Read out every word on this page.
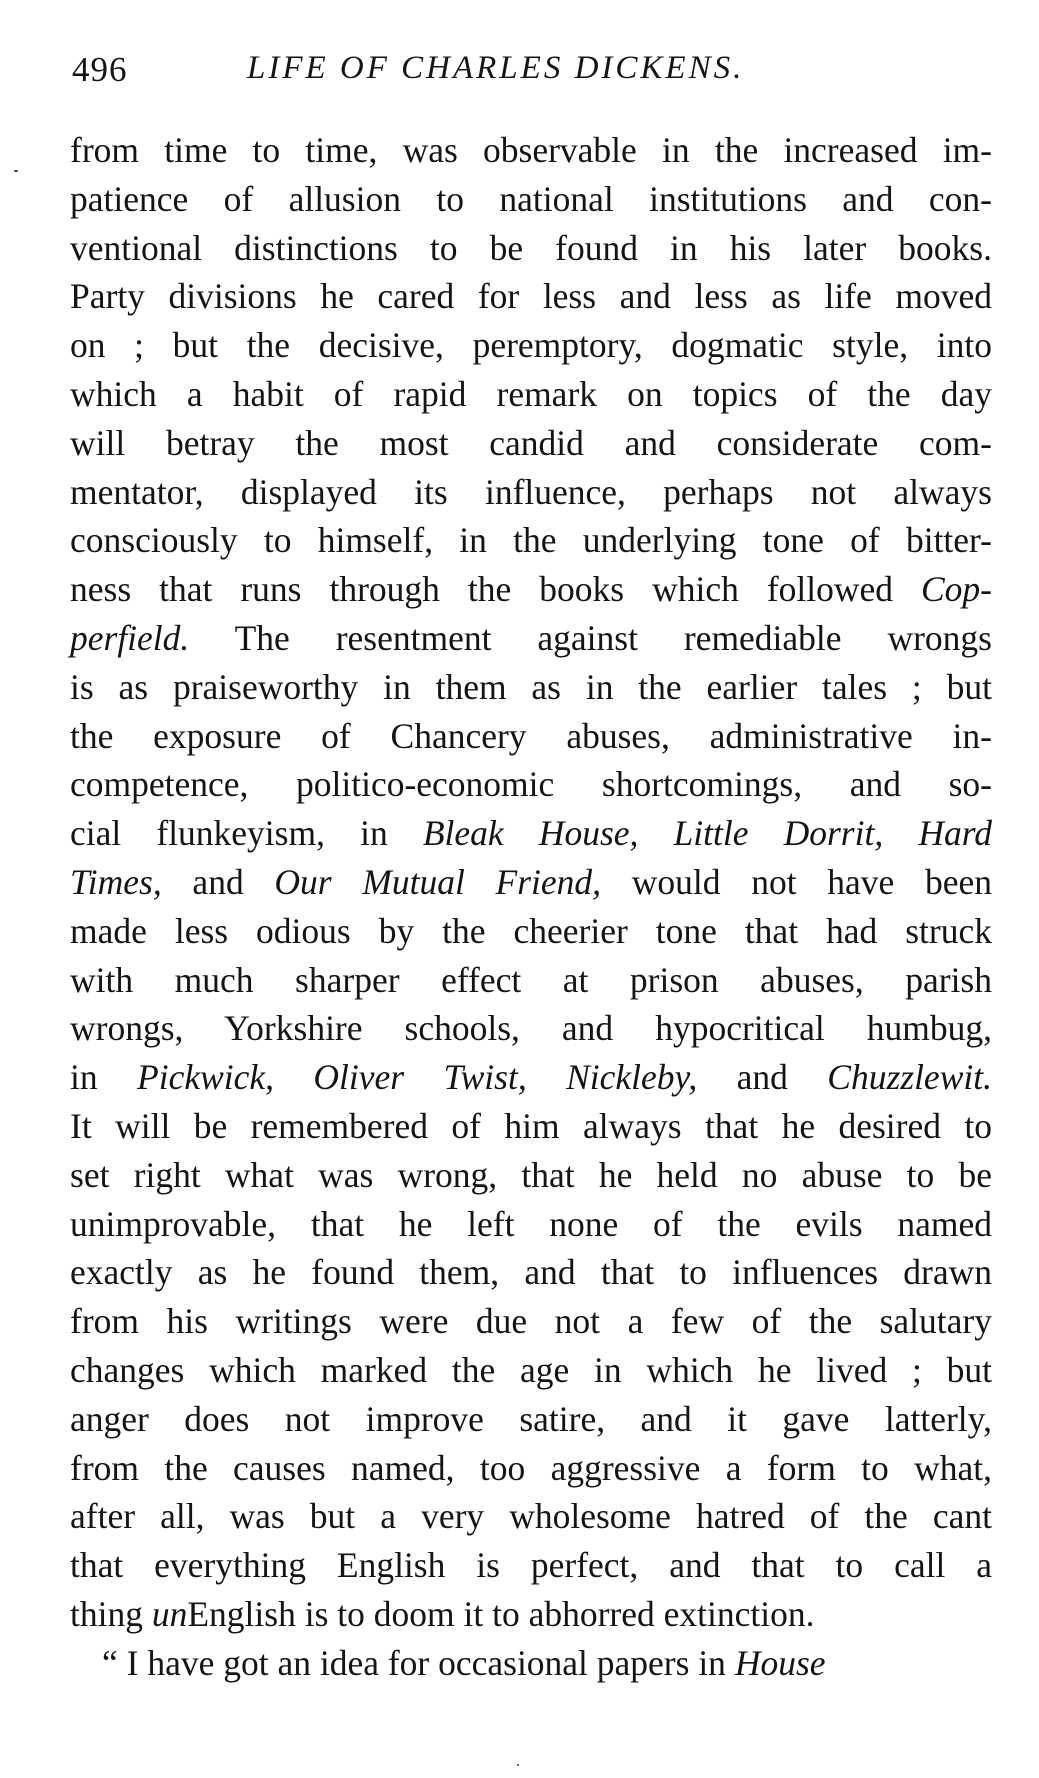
496	LIFE OF CHARLES DICKENS.
from time to time, was observable in the increased im-
patience of allusion to national institutions and con-
ventional distinctions to be found in his later books.
Party divisions he cared for less and less as life moved
on ; but the decisive, peremptory, dogmatic style, into
which a habit of rapid remark on topics of the day
will betray the most candid and considerate com-
mentator, displayed its influence, perhaps not always
consciously to himself, in the underlying tone of bitter-
ness that runs through the books which followed Cop-
perfield. The resentment against remediable wrongs
is as praiseworthy in them as in the earlier tales ; but
the exposure of Chancery abuses, administrative in-
competence, politico-economic shortcomings, and so-
cial flunkeyism, in Bleak House, Little Dorrit, Hard
Times, and Our Mutual Friend, would not have been
made less odious by the cheerier tone that had struck
with much sharper effect at prison abuses, parish
wrongs, Yorkshire schools, and hypocritical humbug,
in Pickwick, Oliver Twist, Nickleby, and Chuzzlewit.
It will be remembered of him always that he desired to
set right what was wrong, that he held no abuse to be
unimprovable, that he left none of the evils named
exactly as he found them, and that to influences drawn
from his writings were due not a few of the salutary
changes which marked the age in which he lived ; but
anger does not improve satire, and it gave latterly,
from the causes named, too aggressive a form to what,
after all, was but a very wholesome hatred of the cant
that everything English is perfect, and that to call a
thing unEnglish is to doom it to abhorred extinction.
“ I have got an idea for occasional papers in House
